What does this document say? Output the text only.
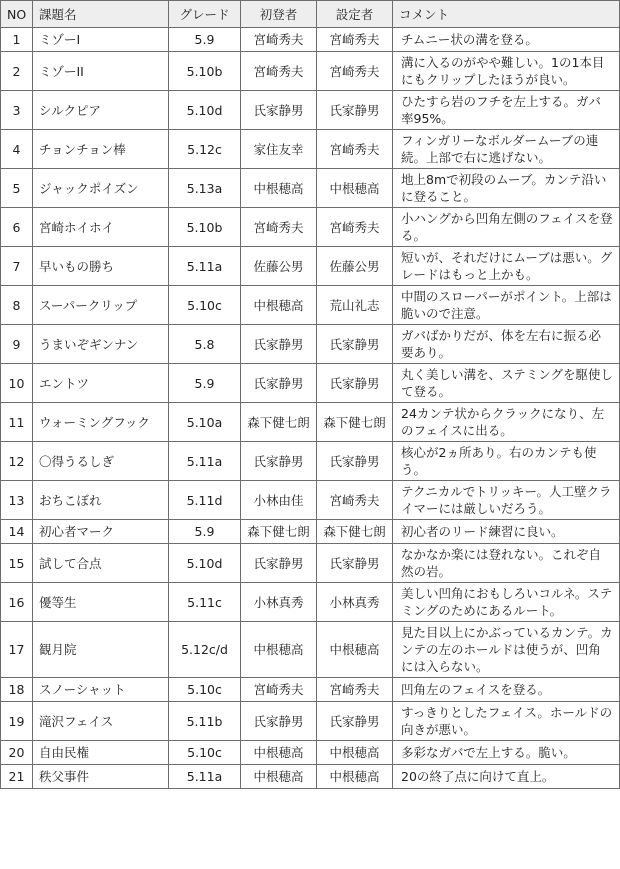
NO	課題名	グレード	初登者	設定者	コメント
1	ミゾーI	5.9	宮崎秀夫	宮崎秀夫	チムニー状の溝を登る。
2	ミゾーII	5.10b	宮崎秀夫	宮崎秀夫	溝に入るのがやや難しい。1の1本目にもクリップしたほうが良い。
3	シルクピア	5.10d	氏家静男	氏家静男	ひたすら岩のフチを左上する。ガバ率95%。
4	チョンチョン棒	5.12c	家住友幸	宮崎秀夫	フィンガリーなボルダームーブの連続。上部で右に逃げない。
5	ジャックポイズン	5.13a	中根穂高	中根穂高	地上8mで初段のムーブ。カンテ沿いに登ること。
6	宮崎ホイホイ	5.10b	宮崎秀夫	宮崎秀夫	小ハングから凹角左側のフェイスを登る。
7	早いもの勝ち	5.11a	佐藤公男	佐藤公男	短いが、それだけにムーブは悪い。グレードはもっと上かも。
8	スーパークリップ	5.10c	中根穂高	荒山礼志	中間のスローパーがポイント。上部は脆いので注意。
9	うまいぞギンナン	5.8	氏家静男	氏家静男	ガバばかりだが、体を左右に振る必要あり。
10	エントツ	5.9	氏家静男	氏家静男	丸く美しい溝を、ステミングを駆使して登る。
11	ウォーミングフック	5.10a	森下健七朗	森下健七朗	24カンテ状からクラックになり、左のフェイスに出る。
12	〇得うるしぎ	5.11a	氏家静男	氏家静男	核心が2ヵ所あり。右のカンテも使う。
13	おちこぼれ	5.11d	小林由佳	宮崎秀夫	テクニカルでトリッキー。人工壁クライマーには厳しいだろう。
14	初心者マーク	5.9	森下健七朗	森下健七朗	初心者のリード練習に良い。
15	試して合点	5.10d	氏家静男	氏家静男	なかなか楽には登れない。これぞ自然の岩。
16	優等生	5.11c	小林真秀	小林真秀	美しい凹角におもしろいコルネ。ステミングのためにあるルート。
17	観月院	5.12c/d	中根穂高	中根穂高	見た目以上にかぶっているカンテ。カンテの左のホールドは使うが、凹角には入らない。
18	スノーシャット	5.10c	宮崎秀夫	宮崎秀夫	凹角左のフェイスを登る。
19	滝沢フェイス	5.11b	氏家静男	氏家静男	すっきりとしたフェイス。ホールドの向きが悪い。
20	自由民権	5.10c	中根穂高	中根穂高	多彩なガバで左上する。脆い。
21	秩父事件	5.11a	中根穂高	中根穂高	20の終了点に向けて直上。
